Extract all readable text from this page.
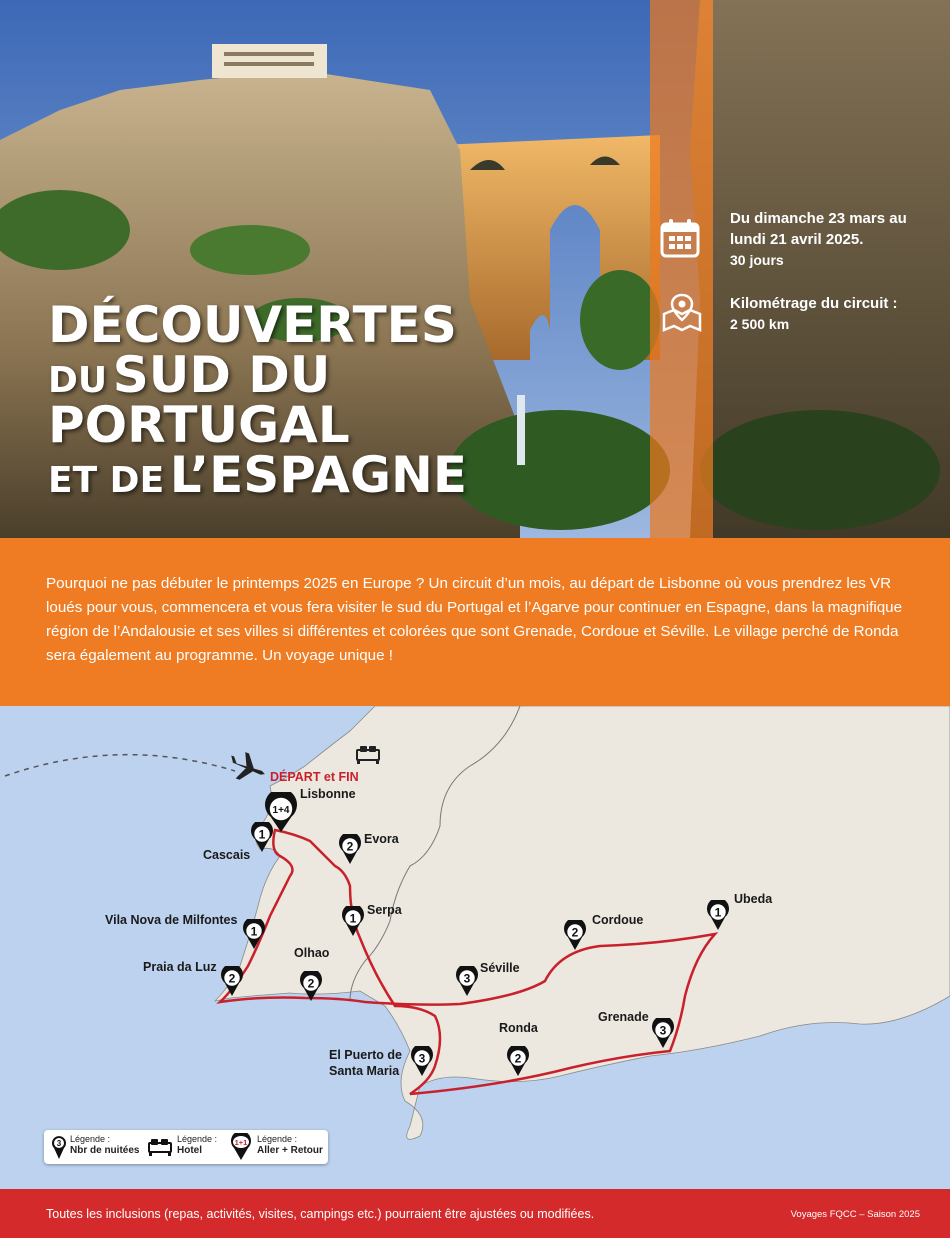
Du dimanche 23 mars au
lundi 21 avril 2025.
30 jours
Kilométrage du circuit :
2 500 km
DÉCOUVERTES
DU SUD DU
PORTUGAL
ET DE L’ESPAGNE

Pourquoi ne pas débuter le printemps 2025 en Europe ? Un circuit d’un mois, au départ de Lisbonne où vous prendrez les VR loués pour vous, commencera et vous fera visiter le sud du Portugal et l’Agarve pour continuer en Espagne, dans la magnifique région de l’Andalousie et ses villes si différentes et colorées que sont Grenade, Cordoue et Séville. Le village perché de Ronda sera également au programme. Un voyage unique !

1+4
1
2
1
1
2	2	3
2
1
3
2
3
DÉPART et FIN
Lisbonne
Cascais
Evora
Serpa
Vila Nova de Milfontes
Praia da Luz
Olhao
Séville
Cordoue
Ubeda
Grenade
Ronda
El Puerto de
Santa Maria
3 Légende :
Nbr de nuitées
Légende :
Hotel
1+1 Légende :
Aller + Retour
Toutes les inclusions (repas, activités, visites, campings etc.) pourraient être ajustées ou modifiées.	Voyages FQCC – Saison 2025
